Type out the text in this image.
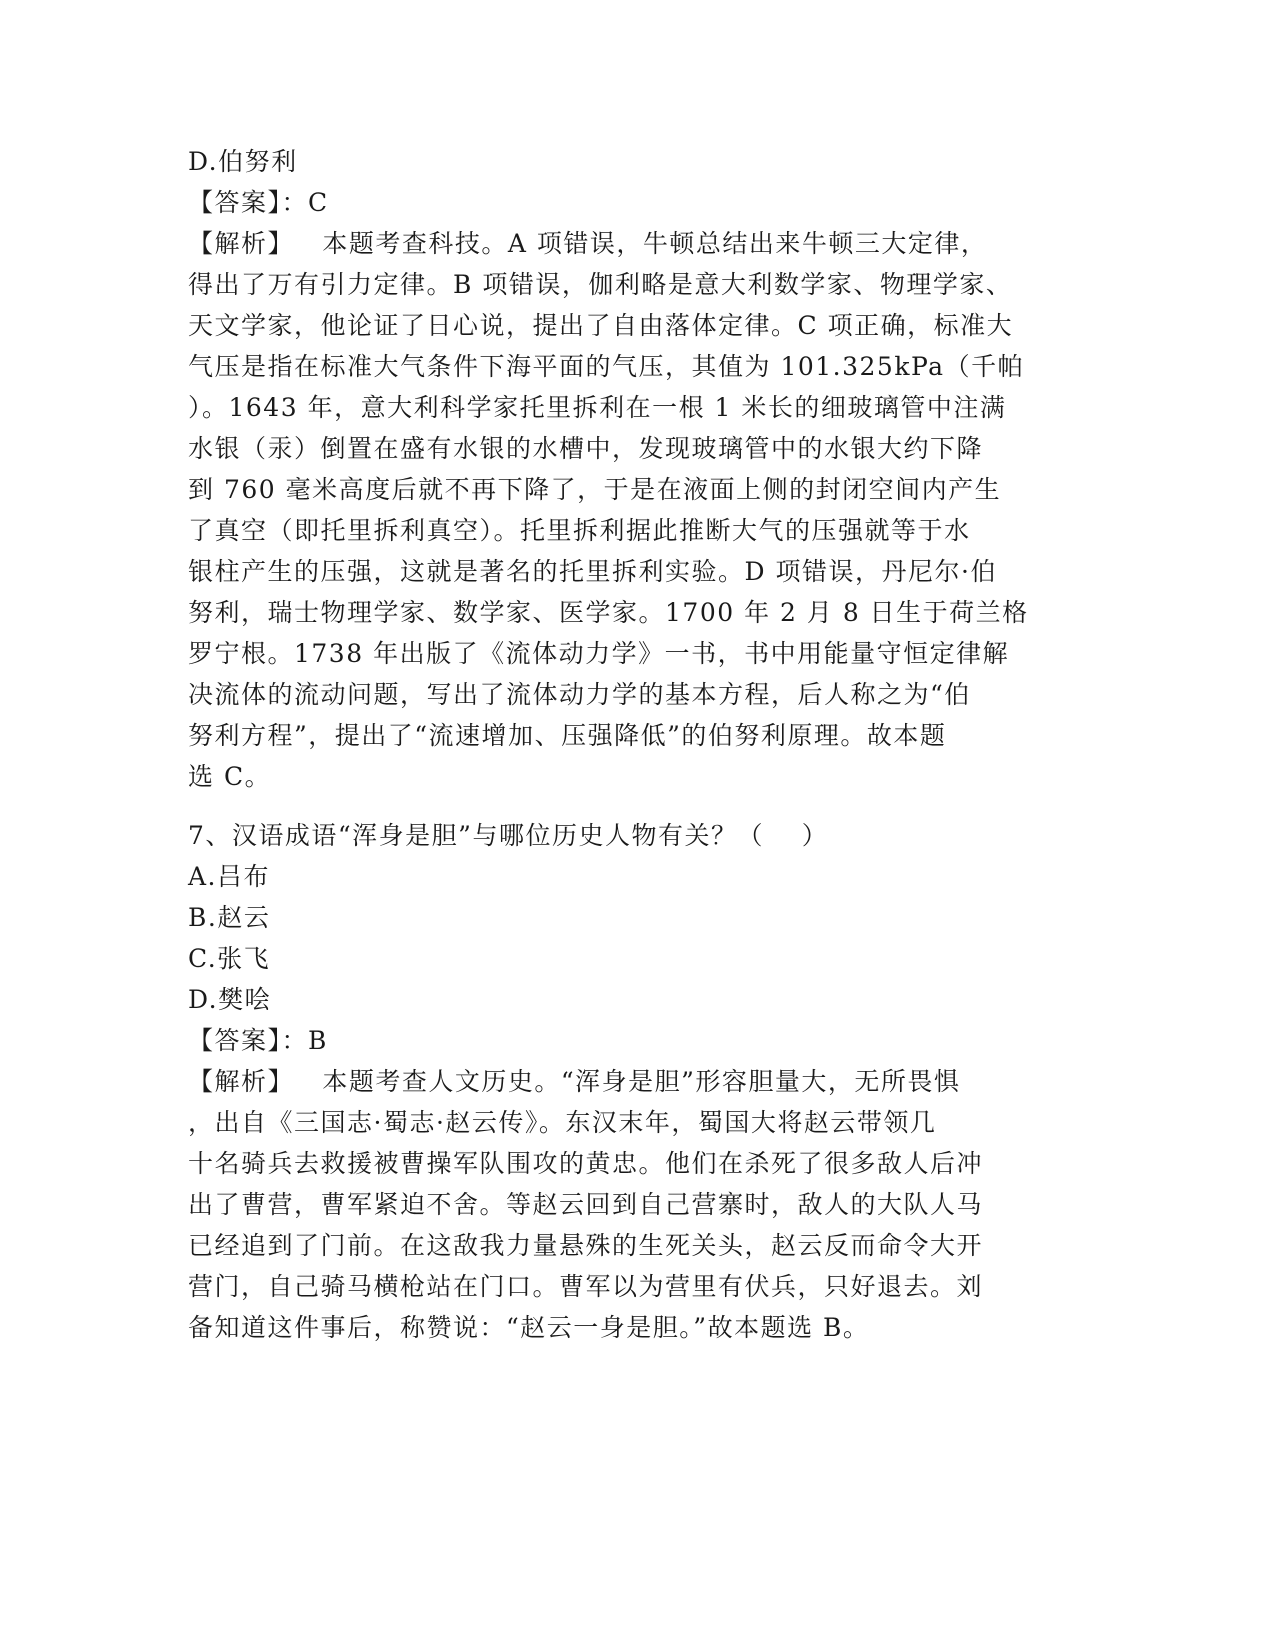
D.伯努利
【答案】：C
【解析】   本题考查科技。A 项错误，牛顿总结出来牛顿三大定律，
得出了万有引力定律。B 项错误，伽利略是意大利数学家、物理学家、
天文学家，他论证了日心说，提出了自由落体定律。C 项正确，标准大
气压是指在标准大气条件下海平面的气压，其值为 101.325kPa（千帕
）。1643 年，意大利科学家托里拆利在一根 1 米长的细玻璃管中注满
水银（汞）倒置在盛有水银的水槽中，发现玻璃管中的水银大约下降
到 760 毫米高度后就不再下降了，于是在液面上侧的封闭空间内产生
了真空（即托里拆利真空）。托里拆利据此推断大气的压强就等于水
银柱产生的压强，这就是著名的托里拆利实验。D 项错误，丹尼尔·伯
努利，瑞士物理学家、数学家、医学家。1700 年 2 月 8 日生于荷兰格
罗宁根。1738 年出版了《流体动力学》一书，书中用能量守恒定律解
决流体的流动问题，写出了流体动力学的基本方程，后人称之为“伯
努利方程”，提出了“流速增加、压强降低”的伯努利原理。故本题
选 C。
7、汉语成语“浑身是胆”与哪位历史人物有关？（    ）
A.吕布
B.赵云
C.张飞
D.樊哙
【答案】：B
【解析】   本题考查人文历史。“浑身是胆”形容胆量大，无所畏惧
，出自《三国志·蜀志·赵云传》。东汉末年，蜀国大将赵云带领几
十名骑兵去救援被曹操军队围攻的黄忠。他们在杀死了很多敌人后冲
出了曹营，曹军紧迫不舍。等赵云回到自己营寨时，敌人的大队人马
已经追到了门前。在这敌我力量悬殊的生死关头，赵云反而命令大开
营门，自己骑马横枪站在门口。曹军以为营里有伏兵，只好退去。刘
备知道这件事后，称赞说：“赵云一身是胆。”故本题选 B。
